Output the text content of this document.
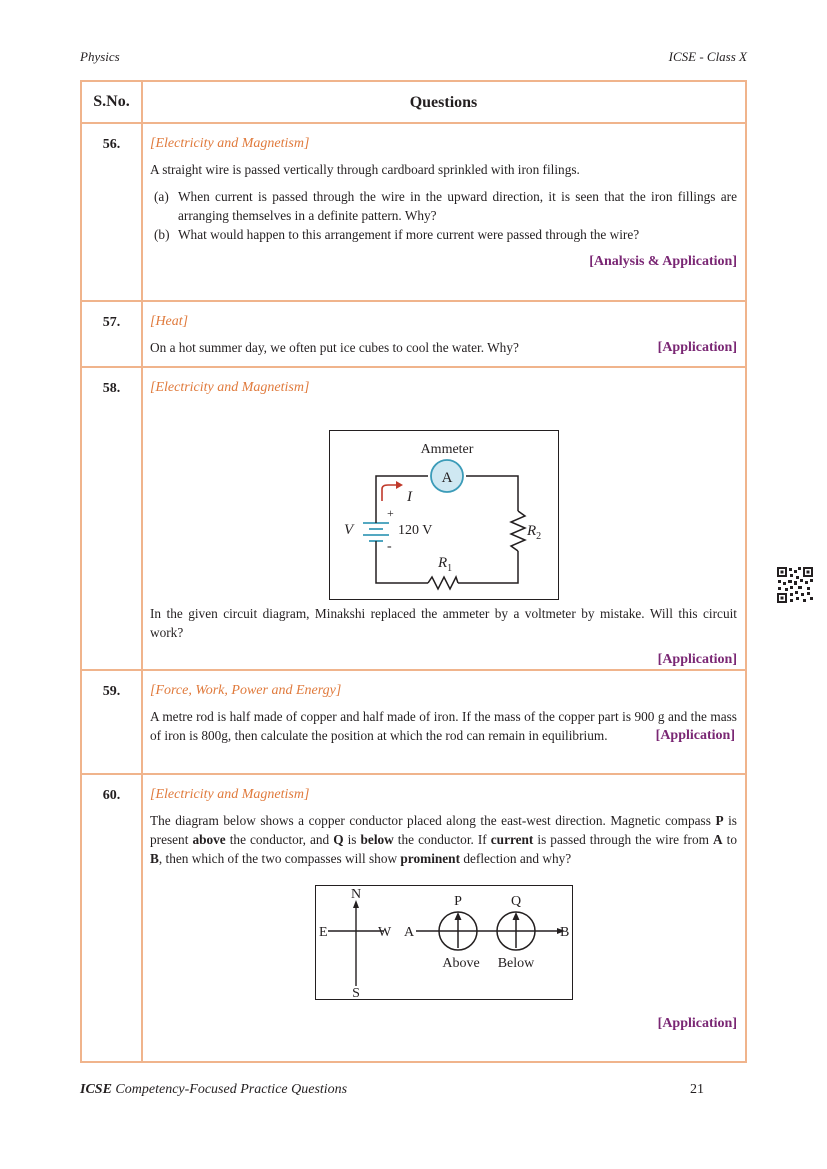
Physics	ICSE - Class X
S.No.	Questions
56.	[Electricity and Magnetism]
A straight wire is passed vertically through cardboard sprinkled with iron filings.
(a) When current is passed through the wire in the upward direction, it is seen that the iron fillings are arranging themselves in a definite pattern. Why?
(b) What would happen to this arrangement if more current were passed through the wire?
[Analysis & Application]
57.	[Heat]
On a hot summer day, we often put ice cubes to cool the water. Why?	[Application]
58.	[Electricity and Magnetism]
A
Ammeter
I
+
-
V	120 V	$R_2$
$R_1$
In the given circuit diagram, Minakshi replaced the ammeter by a voltmeter by mistake. Will this circuit work?
[Application]
59.	[Force, Work, Power and Energy]
A metre rod is half made of copper and half made of iron. If the mass of the copper part is 900 g and the mass of iron is 800g, then calculate the position at which the rod can remain in equilibrium.	[Application]
60.	[Electricity and Magnetism]
The diagram below shows a copper conductor placed along the east-west direction. Magnetic compass P is present above the conductor, and Q is below the conductor. If current is passed through the wire from A to B, then which of the two compasses will show prominent deflection and why?
N
S
E	W A	B
P	Q
Above Below
[Application]
ICSE Competency-Focused Practice Questions	21
